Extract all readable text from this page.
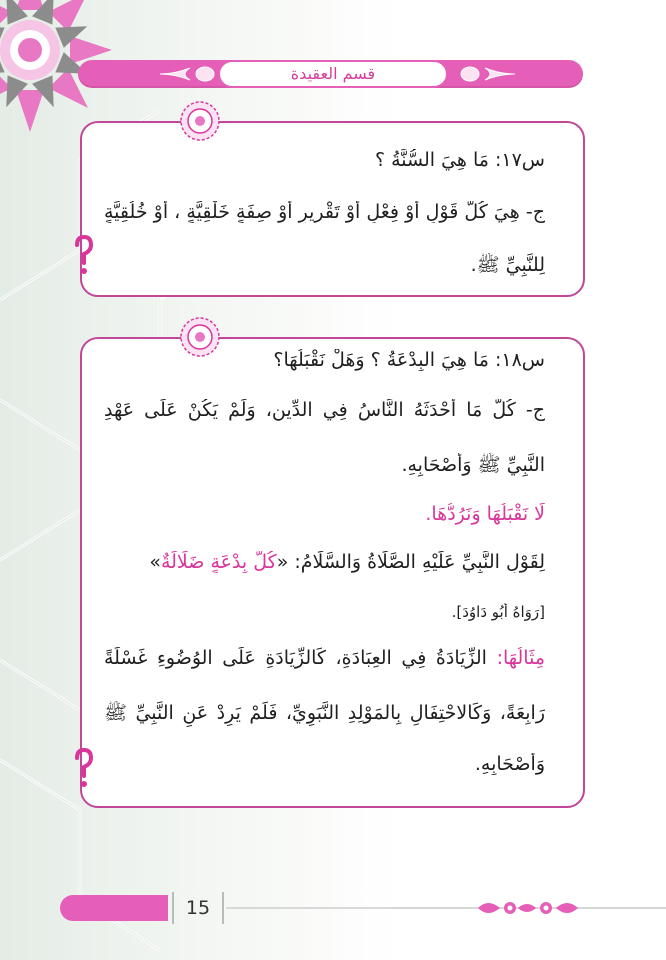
قسم العقيدة
س١٧: مَا هِيَ السُّنَّةُ ؟
ج- هِيَ كُلُّ قَوْلٍ أَوْ فِعْلٍ أَوْ تَقْرِيرٍ أَوْ صِفَةٍ خَلْقِيَّةٍ ، أَوْ خُلُقِيَّةٍ
لِلنَّبِيِّ ﷺ.
س١٨: مَا هِيَ البِدْعَةُ ؟ وَهَلْ نَقْبَلُهَا؟
ج- كُلُّ مَا أَحْدَثَهُ النَّاسُ فِي الدِّينِ، وَلَمْ يَكُنْ عَلَى عَهْدِ
النَّبِيِّ ﷺ وَأَصْحَابِهِ.
لَا نَقْبَلُهَا وَنَرُدُّهَا.
لِقَوْلِ النَّبِيِّ عَلَيْهِ الصَّلَاةُ وَالسَّلَامُ: «كُلُّ بِدْعَةٍ ضَلَالَةٌ»
[رَوَاهُ أَبُو دَاوُدَ].
مِثَالُهَا: الزِّيَادَةُ فِي العِبَادَةِ، كَالزِّيَادَةِ عَلَى الوُضُوءِ غَسْلَةً
رَابِعَةً، وَكَالاحْتِفَالِ بِالمَوْلِدِ النَّبَوِيِّ، فَلَمْ يَرِدْ عَنِ النَّبِيِّ ﷺ
وَأَصْحَابِهِ.
15
